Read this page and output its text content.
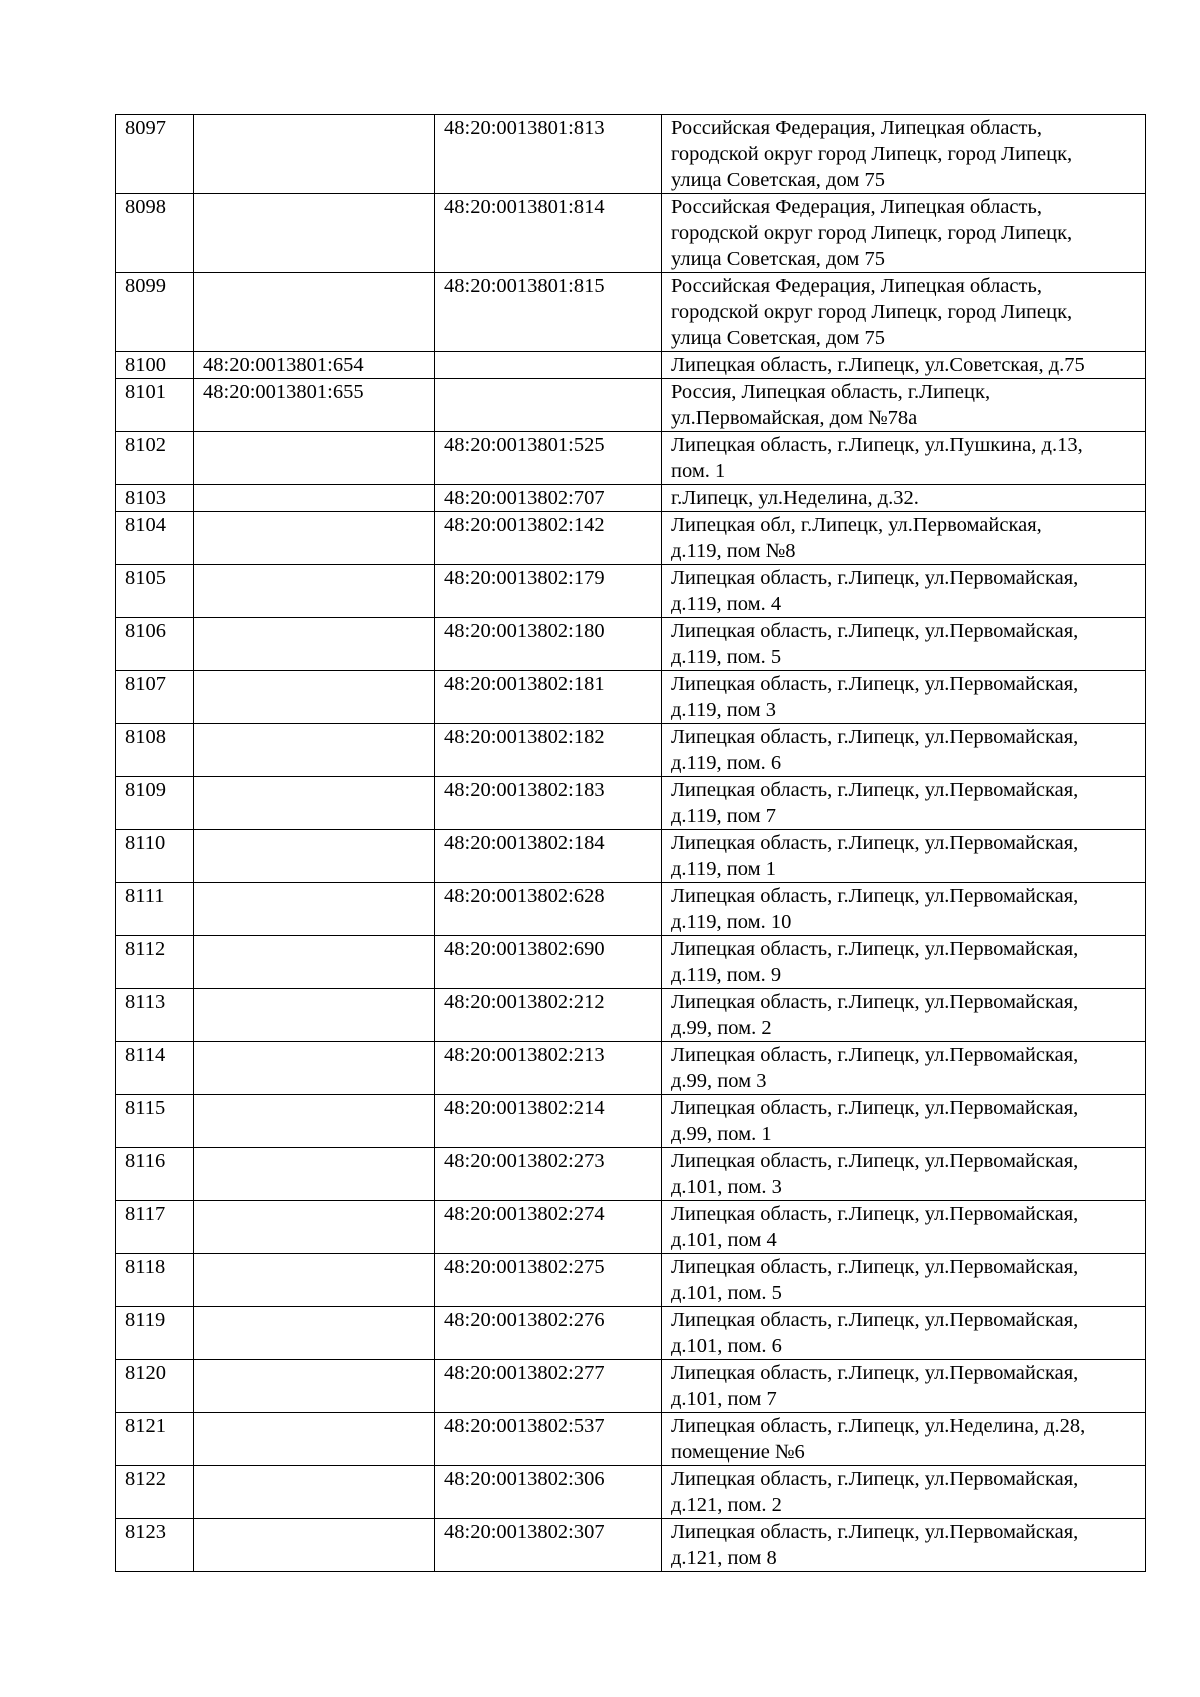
8097		48:20:0013801:813	Российская Федерация, Липецкая область,
городской округ город Липецк, город Липецк,
улица Советская, дом 75
8098		48:20:0013801:814	Российская Федерация, Липецкая область,
городской округ город Липецк, город Липецк,
улица Советская, дом 75
8099		48:20:0013801:815	Российская Федерация, Липецкая область,
городской округ город Липецк, город Липецк,
улица Советская, дом 75
8100	48:20:0013801:654		Липецкая область, г.Липецк, ул.Советская, д.75
8101	48:20:0013801:655		Россия, Липецкая область, г.Липецк,
ул.Первомайская, дом №78а
8102		48:20:0013801:525	Липецкая область, г.Липецк, ул.Пушкина, д.13,
пом. 1
8103		48:20:0013802:707	г.Липецк, ул.Неделина, д.32.
8104		48:20:0013802:142	Липецкая обл, г.Липецк, ул.Первомайская,
д.119, пом №8
8105		48:20:0013802:179	Липецкая область, г.Липецк, ул.Первомайская,
д.119, пом. 4
8106		48:20:0013802:180	Липецкая область, г.Липецк, ул.Первомайская,
д.119, пом. 5
8107		48:20:0013802:181	Липецкая область, г.Липецк, ул.Первомайская,
д.119, пом 3
8108		48:20:0013802:182	Липецкая область, г.Липецк, ул.Первомайская,
д.119, пом. 6
8109		48:20:0013802:183	Липецкая область, г.Липецк, ул.Первомайская,
д.119, пом 7
8110		48:20:0013802:184	Липецкая область, г.Липецк, ул.Первомайская,
д.119, пом 1
8111		48:20:0013802:628	Липецкая область, г.Липецк, ул.Первомайская,
д.119, пом. 10
8112		48:20:0013802:690	Липецкая область, г.Липецк, ул.Первомайская,
д.119, пом. 9
8113		48:20:0013802:212	Липецкая область, г.Липецк, ул.Первомайская,
д.99, пом. 2
8114		48:20:0013802:213	Липецкая область, г.Липецк, ул.Первомайская,
д.99, пом 3
8115		48:20:0013802:214	Липецкая область, г.Липецк, ул.Первомайская,
д.99, пом. 1
8116		48:20:0013802:273	Липецкая область, г.Липецк, ул.Первомайская,
д.101, пом. 3
8117		48:20:0013802:274	Липецкая область, г.Липецк, ул.Первомайская,
д.101, пом 4
8118		48:20:0013802:275	Липецкая область, г.Липецк, ул.Первомайская,
д.101, пом. 5
8119		48:20:0013802:276	Липецкая область, г.Липецк, ул.Первомайская,
д.101, пом. 6
8120		48:20:0013802:277	Липецкая область, г.Липецк, ул.Первомайская,
д.101, пом 7
8121		48:20:0013802:537	Липецкая область, г.Липецк, ул.Неделина, д.28,
помещение №6
8122		48:20:0013802:306	Липецкая область, г.Липецк, ул.Первомайская,
д.121, пом. 2
8123		48:20:0013802:307	Липецкая область, г.Липецк, ул.Первомайская,
д.121, пом 8
